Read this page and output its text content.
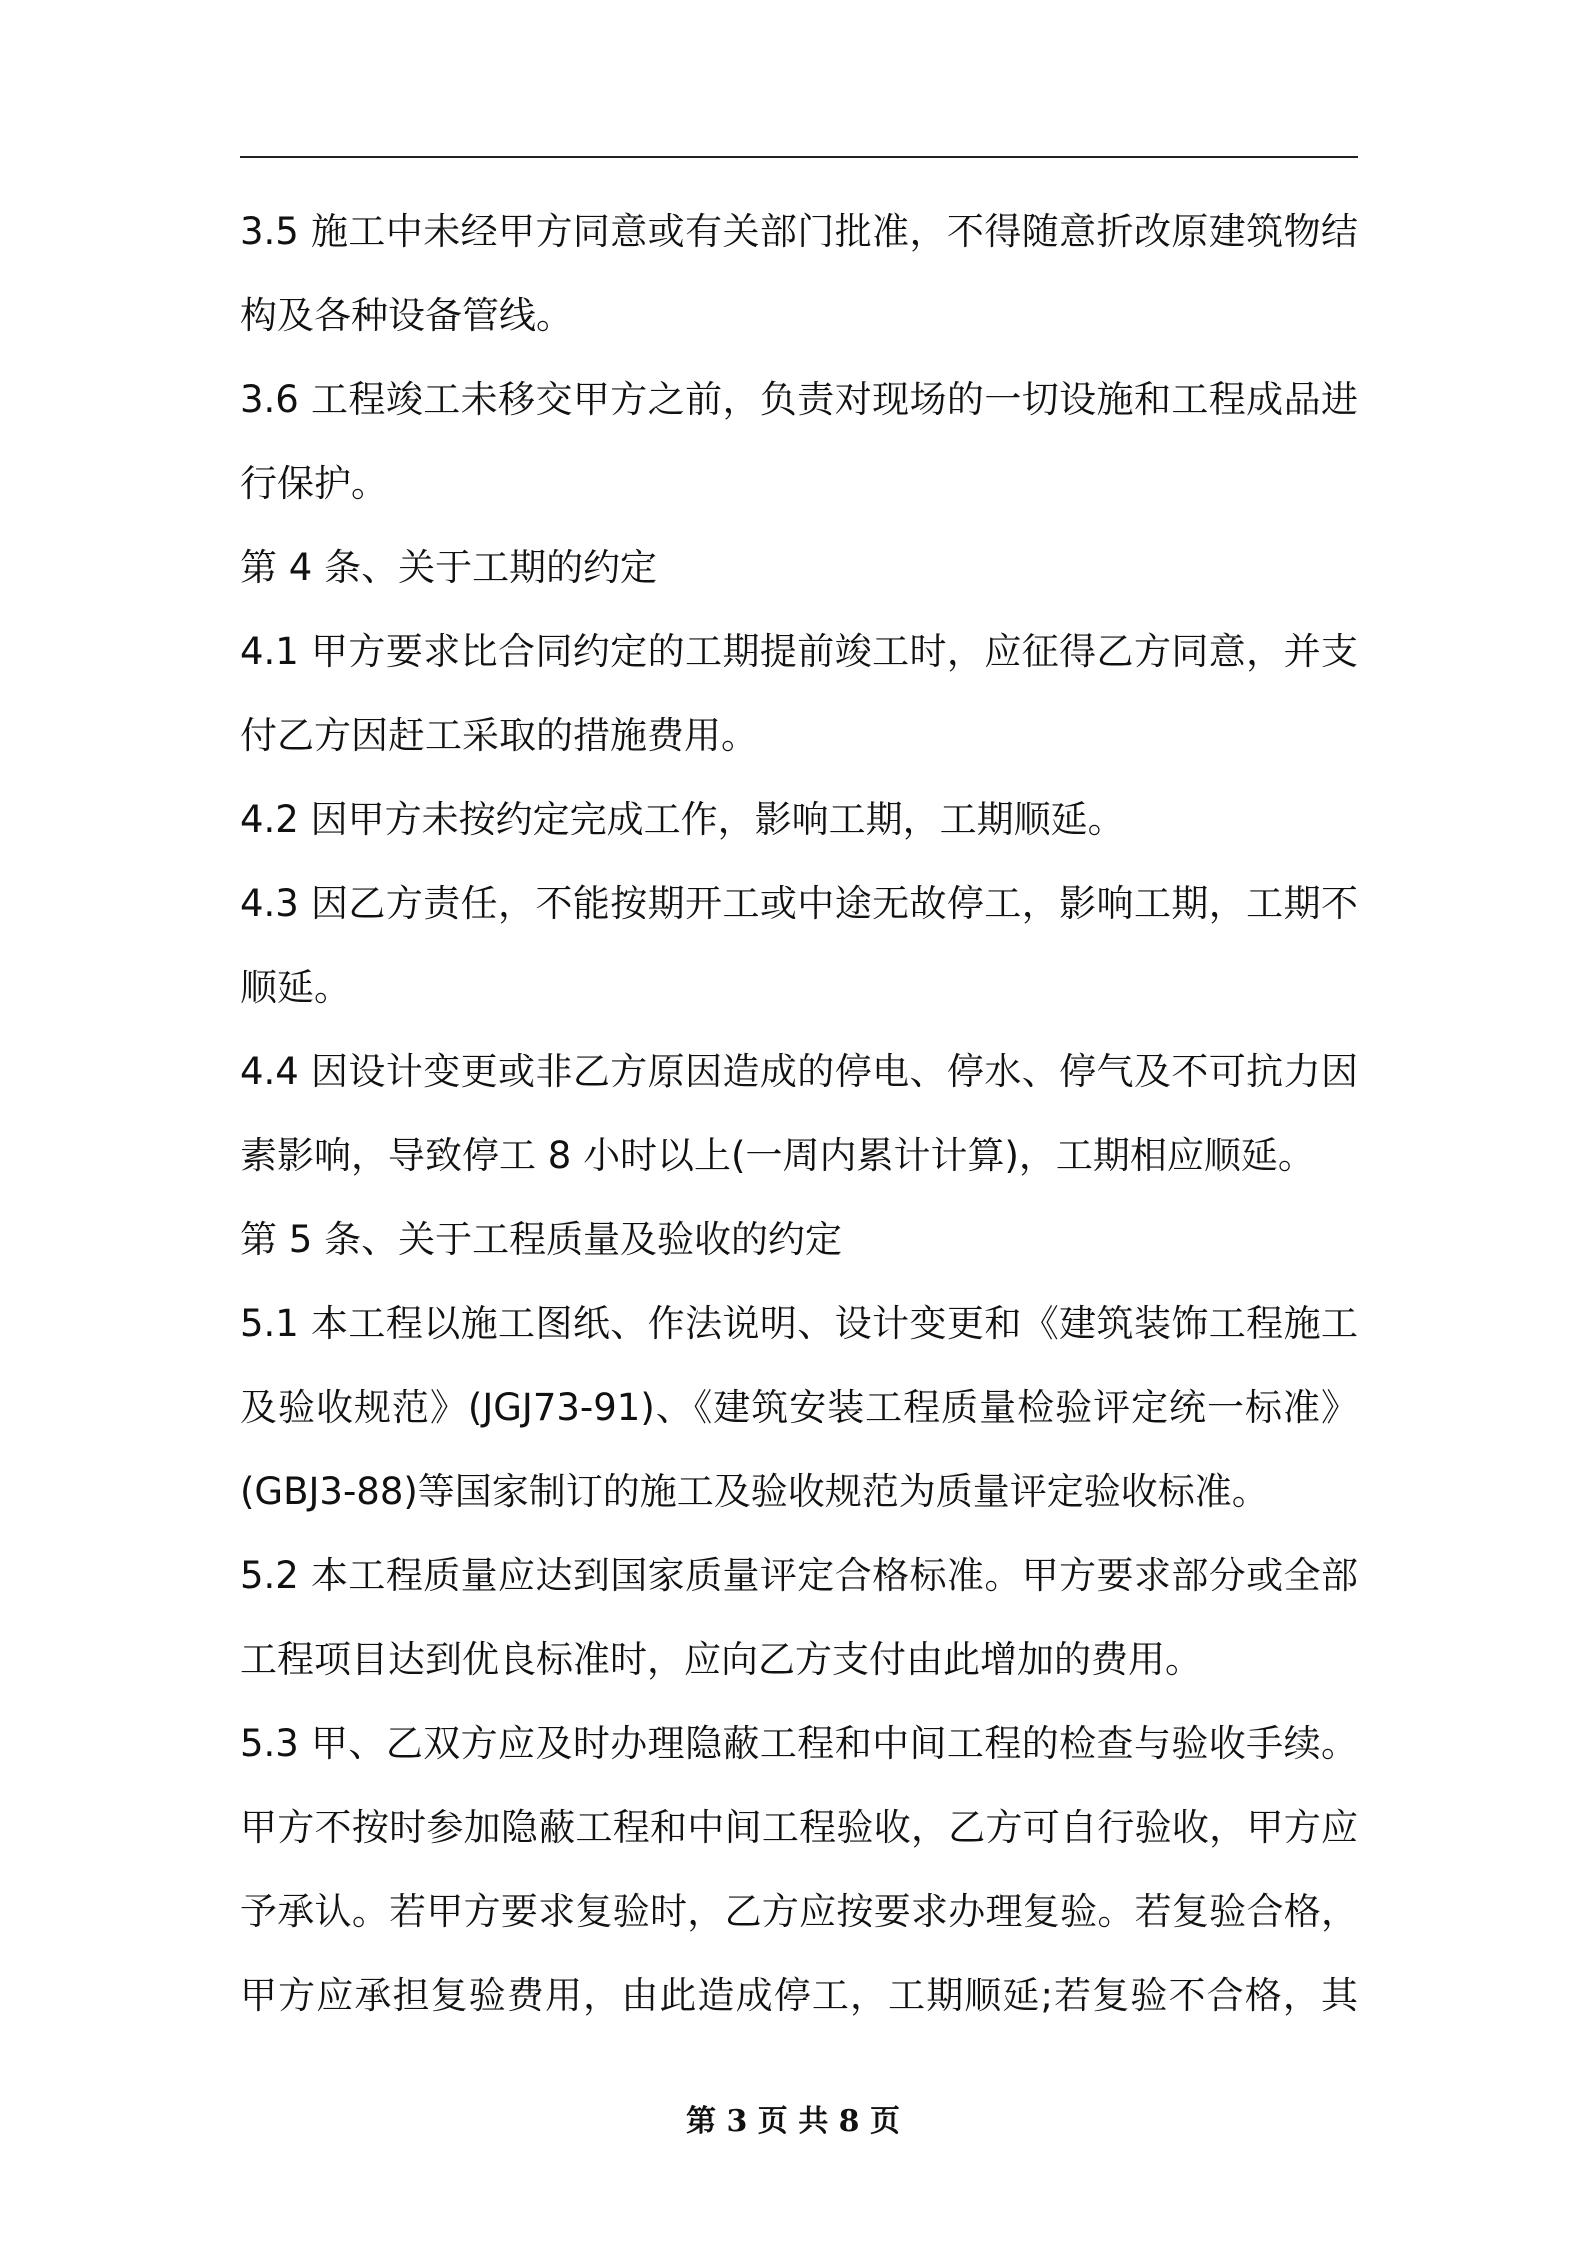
3.5 施工中未经甲方同意或有关部门批准，不得随意折改原建筑物结
构及各种设备管线。
3.6 工程竣工未移交甲方之前，负责对现场的一切设施和工程成品进
行保护。
第 4 条、关于工期的约定
4.1 甲方要求比合同约定的工期提前竣工时，应征得乙方同意，并支
付乙方因赶工采取的措施费用。
4.2 因甲方未按约定完成工作，影响工期，工期顺延。
4.3 因乙方责任，不能按期开工或中途无故停工，影响工期，工期不
顺延。
4.4 因设计变更或非乙方原因造成的停电、停水、停气及不可抗力因
素影响，导致停工 8 小时以上(一周内累计计算)，工期相应顺延。
第 5 条、关于工程质量及验收的约定
5.1 本工程以施工图纸、作法说明、设计变更和《建筑装饰工程施工
及验收规范》(JGJ73-91)、《建筑安装工程质量检验评定统一标准》
(GBJ3-88)等国家制订的施工及验收规范为质量评定验收标准。
5.2 本工程质量应达到国家质量评定合格标准。甲方要求部分或全部
工程项目达到优良标准时，应向乙方支付由此增加的费用。
5.3 甲、乙双方应及时办理隐蔽工程和中间工程的检查与验收手续。
甲方不按时参加隐蔽工程和中间工程验收，乙方可自行验收，甲方应
予承认。若甲方要求复验时，乙方应按要求办理复验。若复验合格，
甲方应承担复验费用，由此造成停工，工期顺延;若复验不合格，其
第 3 页 共 8 页
